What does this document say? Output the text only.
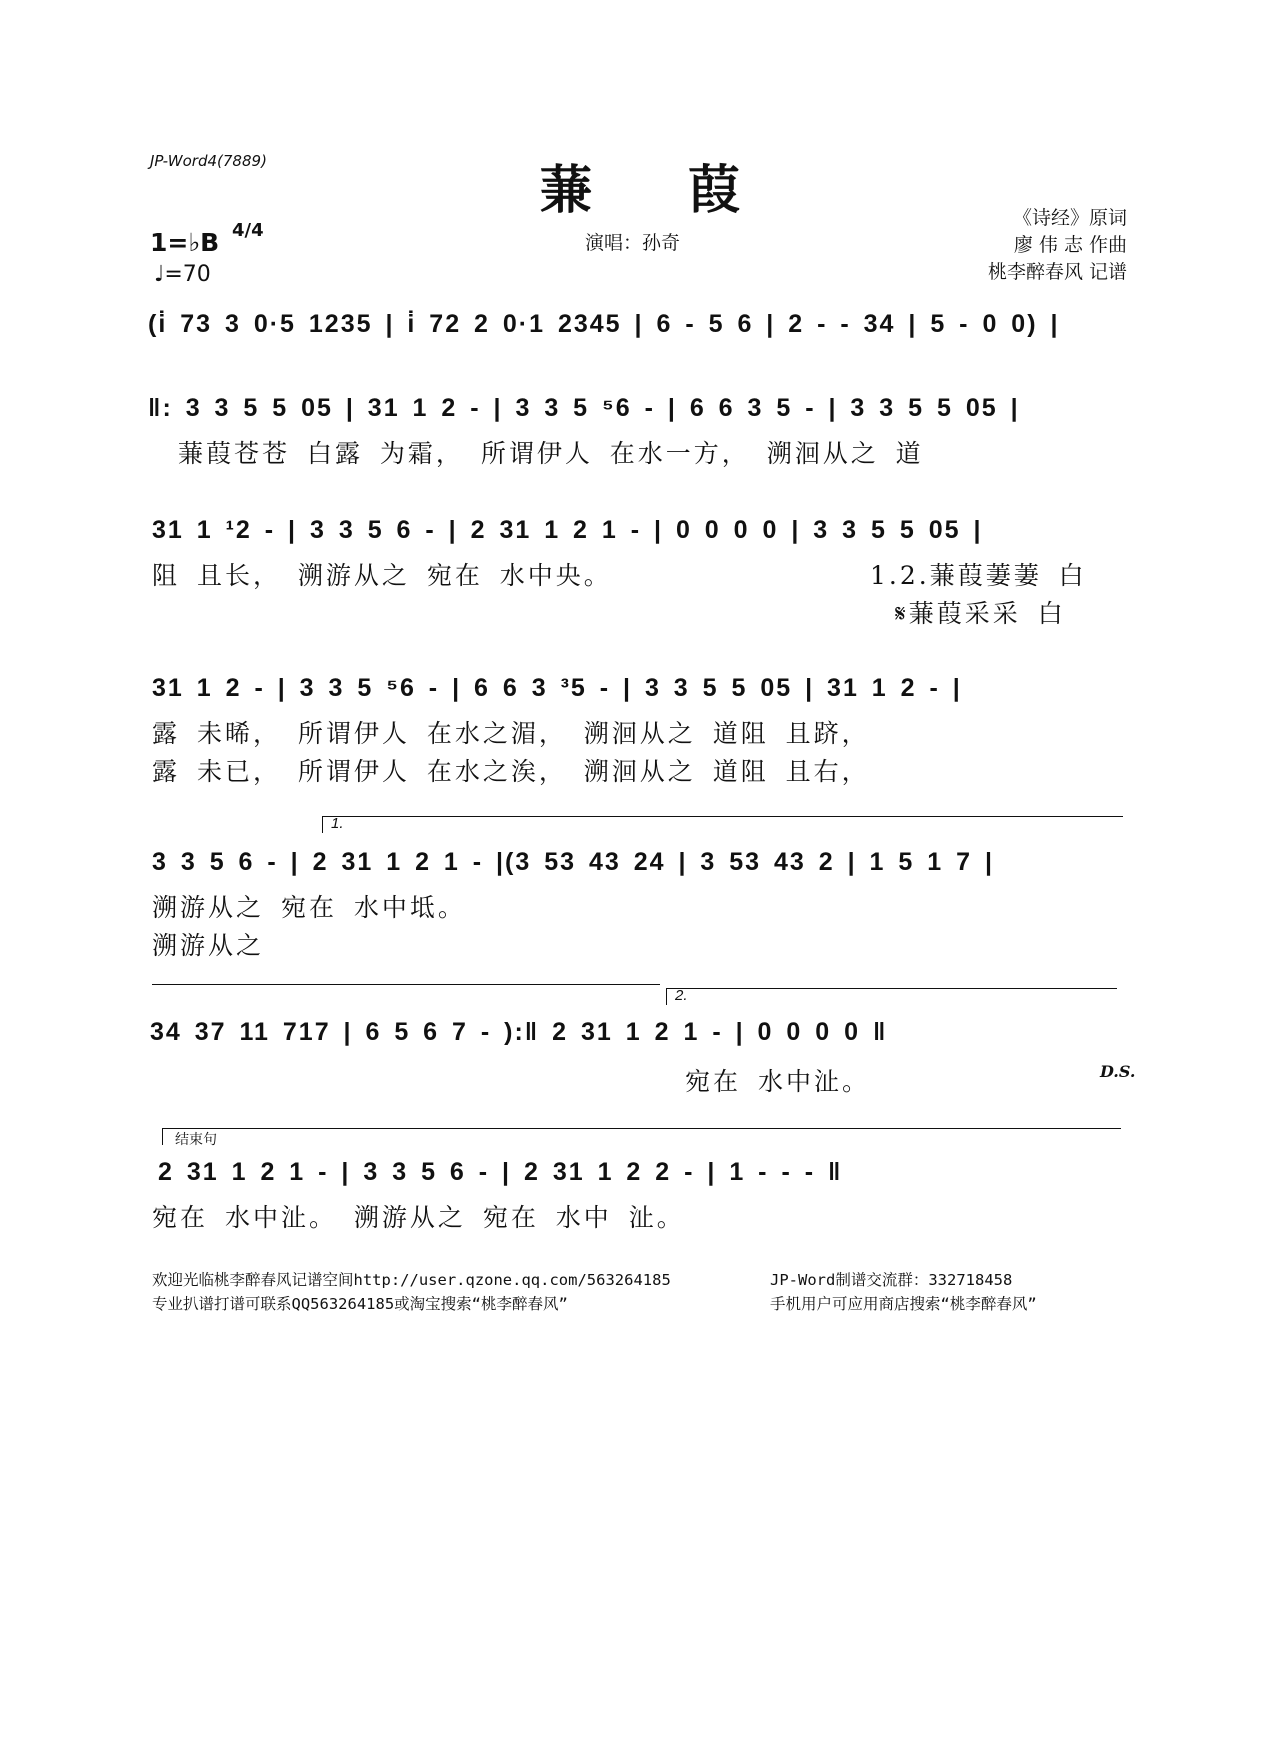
JP-Word4(7889)	蒹葭
演唱：孙奇
《诗经》原词
廖 伟 志 作曲
桃李醉春风 记谱
1=♭B 4/4
♩=70
(i̇ 73 3 0·5 1235 | i̇ 72 2 0·1 2345 | 6 - 5 6 | 2 - - 34 | 5 - 0 0) |
‖: 3 3 5 5 05 | 31 1 2 - | 3 3 5 ⁵6 - | 6 6 3 5 - | 3 3 5 5 05 |
蒹葭苍苍 白露 为霜， 所谓伊人 在水一方， 溯洄从之 道
31 1 ¹2 - | 3 3 5 6 - | 2 31 1 2 1 - | 0 0 0 0 | 3 3 5 5 05 |
阻 且长， 溯游从之 宛在 水中央。	1.2.蒹葭萋萋 白
𝄋蒹葭采采 白
31 1 2 - | 3 3 5 ⁵6 - | 6 6 3 ³5 - | 3 3 5 5 05 | 31 1 2 - |
露 未晞， 所谓伊人 在水之湄， 溯洄从之 道阻 且跻，
露 未已， 所谓伊人 在水之涘， 溯洄从之 道阻 且右，
1.
3 3 5 6 - | 2 31 1 2 1 - |(3 53 43 24 | 3 53 43 2 | 1 5 1 7 |
溯游从之 宛在 水中坻。
溯游从之
2.
34 37 11 717 | 6 5 6 7 - ):‖ 2 31 1 2 1 - | 0 0 0 0 ‖
宛在 水中沚。	D.S.
结束句
2 31 1 2 1 - | 3 3 5 6 - | 2 31 1 2 2 - | 1 - - - ‖
宛在 水中沚。 溯游从之 宛在 水中 沚。
欢迎光临桃李醉春风记谱空间http://user.qzone.qq.com/563264185	JP-Word制谱交流群：332718458
专业扒谱打谱可联系QQ563264185或淘宝搜索“桃李醉春风”	手机用户可应用商店搜索“桃李醉春风”
